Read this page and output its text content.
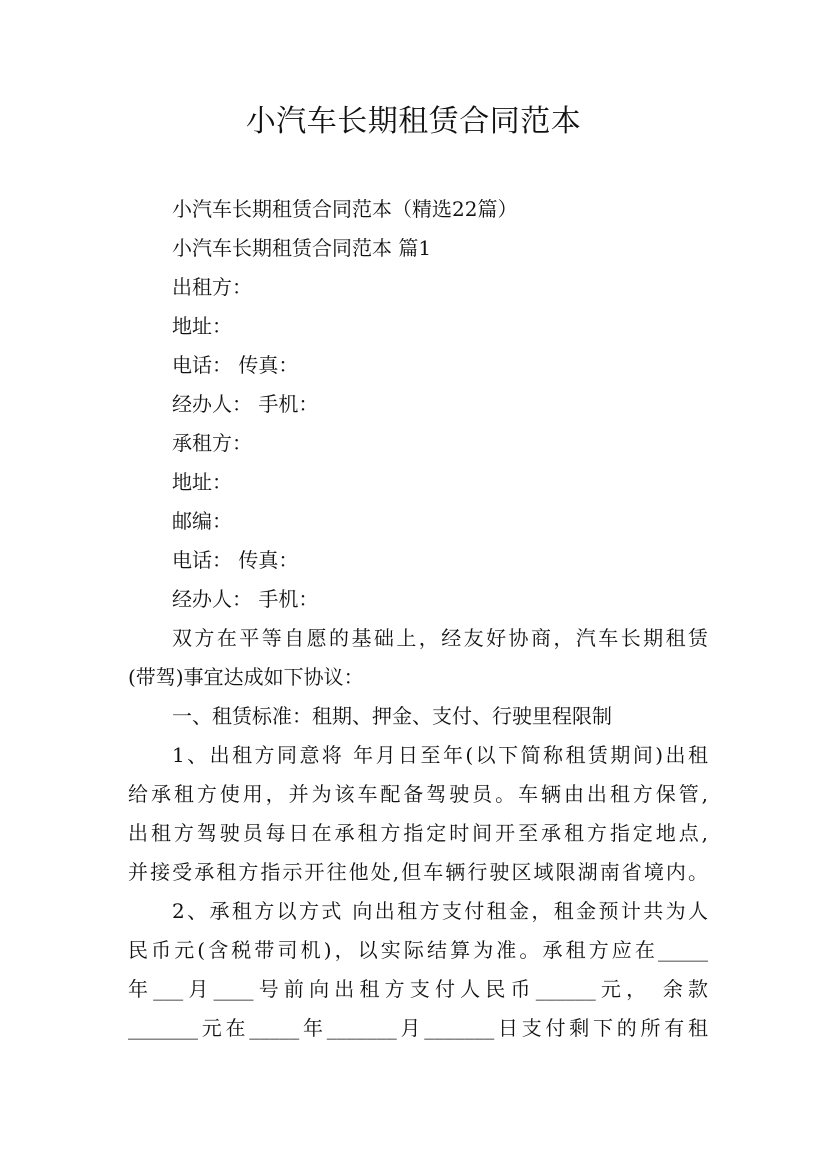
小汽车长期租赁合同范本

小汽车长期租赁合同范本（精选22篇）

小汽车长期租赁合同范本 篇1

出租方：

地址：

电话： 传真：

经办人： 手机：

承租方：

地址：

邮编：

电话： 传真：

经办人： 手机：

双方在平等自愿的基础上，经友好协商，汽车长期租赁

(带驾)事宜达成如下协议：

一、租赁标准：租期、押金、支付、行驶里程限制

1、出租方同意将 年月日至年(以下简称租赁期间)出租

给承租方使用，并为该车配备驾驶员。车辆由出租方保管,

出租方驾驶员每日在承租方指定时间开至承租方指定地点,

并接受承租方指示开往他处,但车辆行驶区域限湖南省境内。

2、承租方以方式 向出租方支付租金，租金预计共为人

民币元(含税带司机)，以实际结算为准。承租方应在_____

年___月____号前向出租方支付人民币______元， 余款

_______元在_____年_______月_______日支付剩下的所有租
